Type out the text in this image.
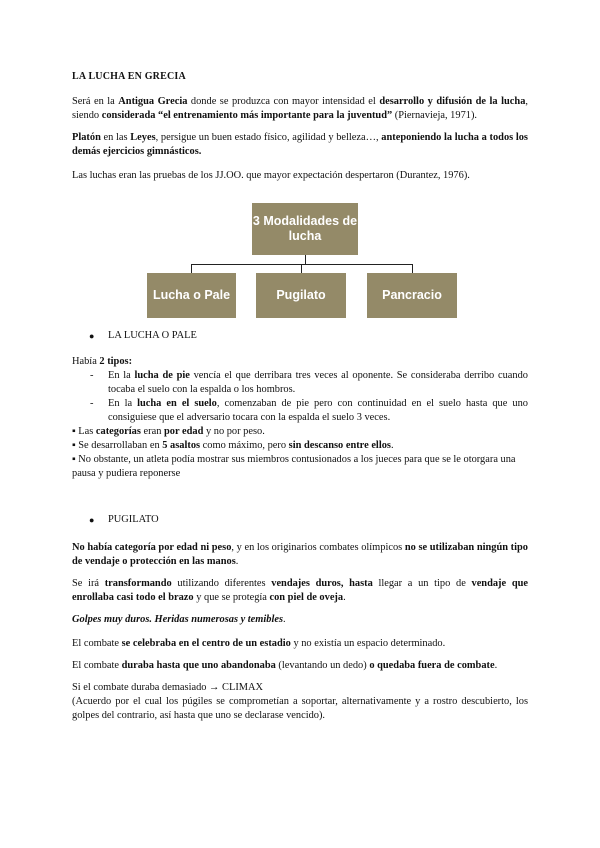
LA LUCHA EN GRECIA

Será en la Antigua Grecia donde se produzca con mayor intensidad el desarrollo y difusión de la lucha, siendo considerada “el entrenamiento más importante para la juventud” (Piernavieja, 1971).

Platón en las Leyes, persigue un buen estado físico, agilidad y belleza…, anteponiendo la lucha a todos los demás ejercicios gimnásticos.

Las luchas eran las pruebas de los JJ.OO. que mayor expectación despertaron (Durantez, 1976).

3 Modalidades de lucha
Lucha o Pale	Pugilato	Pancracio
● LA LUCHA O PALE

Había 2 tipos:

- En la lucha de pie vencía el que derribara tres veces al oponente. Se consideraba derribo cuando tocaba el suelo con la espalda o los hombros.
- En la lucha en el suelo, comenzaban de pie pero con continuidad en el suelo hasta que uno consiguiese que el adversario tocara con la espalda el suelo 3 veces.

▪ Las categorías eran por edad y no por peso.

▪ Se desarrollaban en 5 asaltos como máximo, pero sin descanso entre ellos.

▪ No obstante, un atleta podía mostrar sus miembros contusionados a los jueces para que se le otorgara una pausa y pudiera reponerse

● PUGILATO

No había categoría por edad ni peso, y en los originarios combates olímpicos no se utilizaban ningún tipo de vendaje o protección en las manos.

Se irá transformando utilizando diferentes vendajes duros, hasta llegar a un tipo de vendaje que enrollaba casi todo el brazo y que se protegía con piel de oveja.

Golpes muy duros. Heridas numerosas y temibles.

El combate se celebraba en el centro de un estadio y no existía un espacio determinado.

El combate duraba hasta que uno abandonaba (levantando un dedo) o quedaba fuera de combate.

Si el combate duraba demasiado → CLIMAX

(Acuerdo por el cual los púgiles se comprometían a soportar, alternativamente y a rostro descubierto, los golpes del contrario, así hasta que uno se declarase vencido).
